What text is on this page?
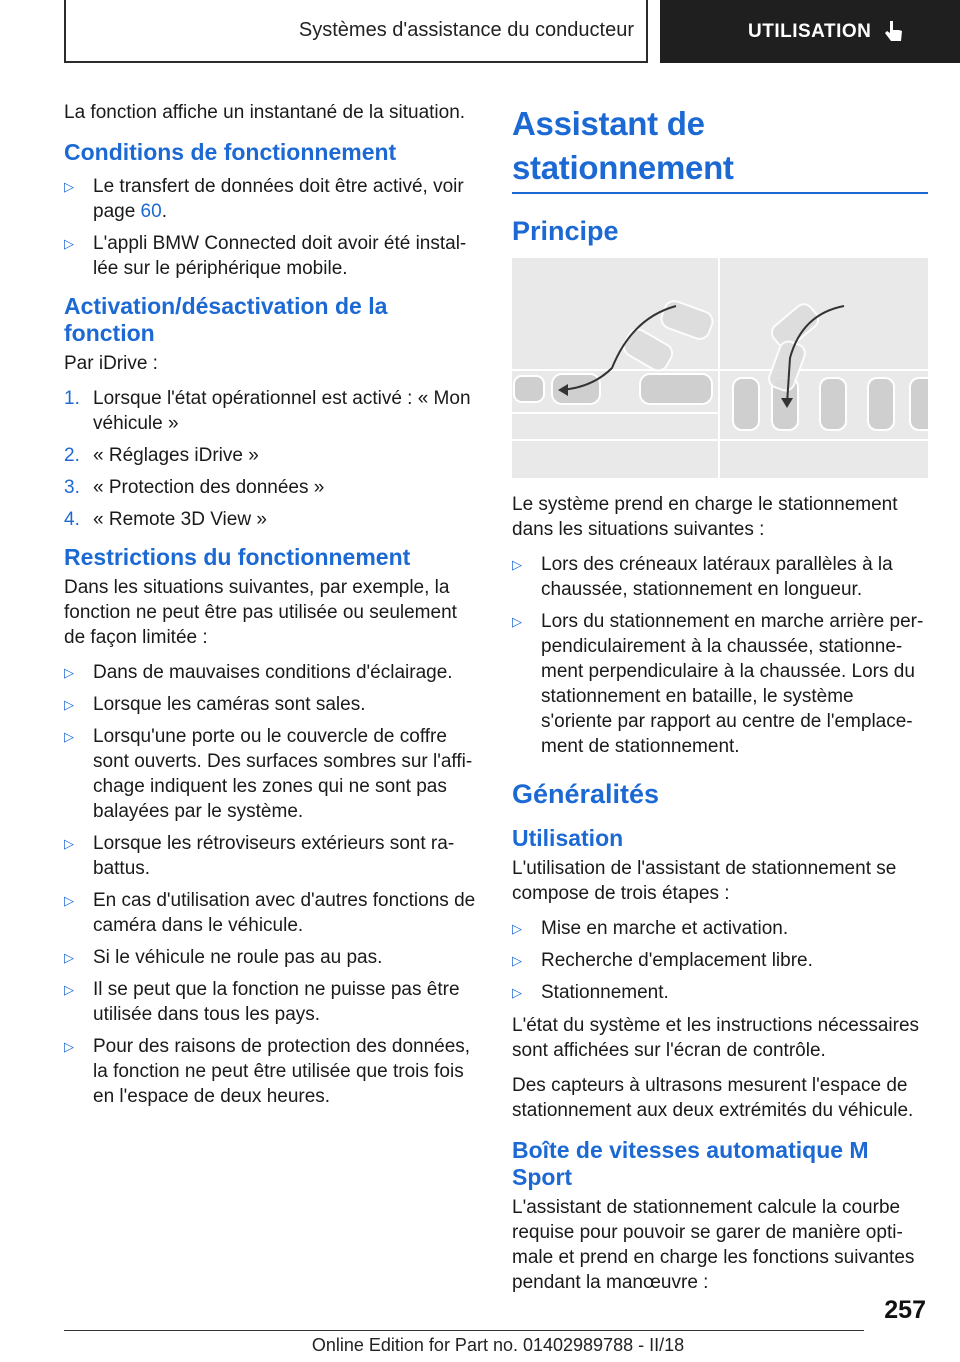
Systèmes d'assistance du conducteur	UTILISATION

La fonction affiche un instantané de la situation.

Conditions de fonctionnement
▷	Le transfert de données doit être activé, voir page 60.
▷	L'appli BMW Connected doit avoir été instal‐lée sur le périphérique mobile.
Activation/désactivation de la fonction

Par iDrive :

1. Lorsque l'état opérationnel est activé : « Mon véhicule »
2. « Réglages iDrive »
3. « Protection des données »
4. « Remote 3D View »
Restrictions du fonctionnement

Dans les situations suivantes, par exemple, la fonction ne peut être pas utilisée ou seulement de façon limitée :

▷	Dans de mauvaises conditions d'éclairage.
▷	Lorsque les caméras sont sales.
▷	Lorsqu'une porte ou le couvercle de coffre sont ouverts. Des surfaces sombres sur l'affi‐chage indiquent les zones qui ne sont pas balayées par le système.
▷	Lorsque les rétroviseurs extérieurs sont ra‐battus.
▷	En cas d'utilisation avec d'autres fonctions de caméra dans le véhicule.
▷	Si le véhicule ne roule pas au pas.
▷	Il se peut que la fonction ne puisse pas être utilisée dans tous les pays.
▷	Pour des raisons de protection des données, la fonction ne peut être utilisée que trois fois en l'espace de deux heures.
Assistant de stationnement
Principe

Le système prend en charge le stationnement dans les situations suivantes :

▷	Lors des créneaux latéraux parallèles à la chaussée, stationnement en longueur.
▷	Lors du stationnement en marche arrière per‐pendiculairement à la chaussée, stationne‐ment perpendiculaire à la chaussée. Lors du stationnement en bataille, le système s'oriente par rapport au centre de l'emplace‐ment de stationnement.
Généralités
Utilisation

L'utilisation de l'assistant de stationnement se compose de trois étapes :

▷	Mise en marche et activation.
▷	Recherche d'emplacement libre.
▷	Stationnement.

L'état du système et les instructions nécessaires sont affichées sur l'écran de contrôle.

Des capteurs à ultrasons mesurent l'espace de stationnement aux deux extrémités du véhicule.

Boîte de vitesses automatique M Sport

L'assistant de stationnement calcule la courbe requise pour pouvoir se garer de manière opti‐male et prend en charge les fonctions suivantes pendant la manœuvre :

257
Online Edition for Part no. 01402989788 - II/18
